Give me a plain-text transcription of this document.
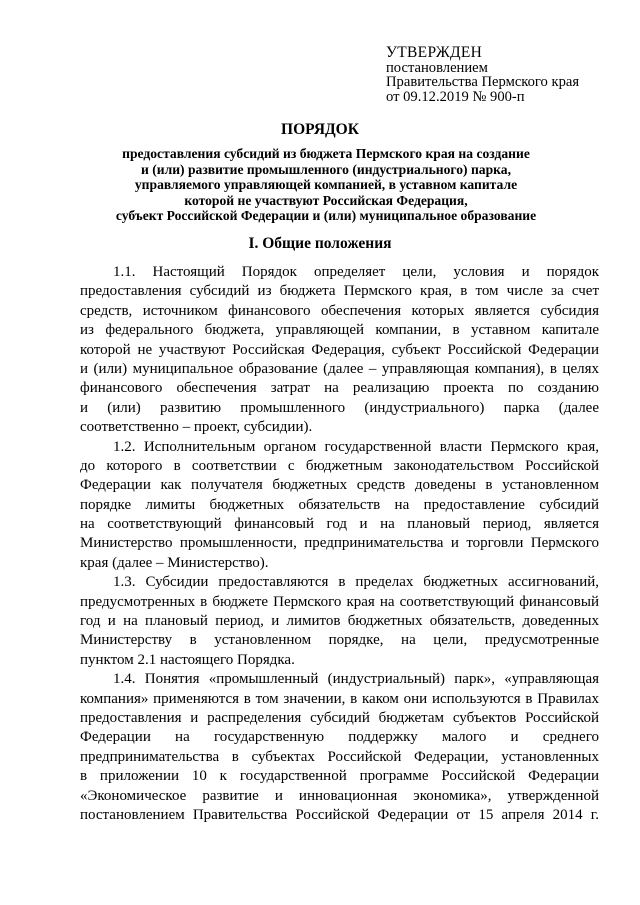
УТВЕРЖДЕН
постановлением
Правительства Пермского края
от 09.12.2019 № 900-п
ПОРЯДОК
предоставления субсидий из бюджета Пермского края на создание
и (или) развитие промышленного (индустриального) парка,
управляемого управляющей компанией, в уставном капитале
которой не участвуют Российская Федерация,
субъект Российской Федерации и (или) муниципальное образование
I. Общие положения
1.1. Настоящий Порядок определяет цели, условия и порядок
предоставления субсидий из бюджета Пермского края, в том числе за счет
средств, источником финансового обеспечения которых является субсидия
из федерального бюджета, управляющей компании, в уставном капитале
которой не участвуют Российская Федерация, субъект Российской Федерации
и (или) муниципальное образование (далее – управляющая компания), в целях
финансового обеспечения затрат на реализацию проекта по созданию
и (или) развитию промышленного (индустриального) парка (далее
соответственно – проект, субсидии).
1.2. Исполнительным органом государственной власти Пермского края,
до которого в соответствии с бюджетным законодательством Российской
Федерации как получателя бюджетных средств доведены в установленном
порядке лимиты бюджетных обязательств на предоставление субсидий
на соответствующий финансовый год и на плановый период, является
Министерство промышленности, предпринимательства и торговли Пермского
края (далее – Министерство).
1.3. Субсидии предоставляются в пределах бюджетных ассигнований,
предусмотренных в бюджете Пермского края на соответствующий финансовый
год и на плановый период, и лимитов бюджетных обязательств, доведенных
Министерству в установленном порядке, на цели, предусмотренные
пунктом 2.1 настоящего Порядка.
1.4. Понятия «промышленный (индустриальный) парк», «управляющая
компания» применяются в том значении, в каком они используются в Правилах
предоставления и распределения субсидий бюджетам субъектов Российской
Федерации на государственную поддержку малого и среднего
предпринимательства в субъектах Российской Федерации, установленных
в приложении 10 к государственной программе Российской Федерации
«Экономическое развитие и инновационная экономика», утвержденной
постановлением Правительства Российской Федерации от 15 апреля 2014 г.
